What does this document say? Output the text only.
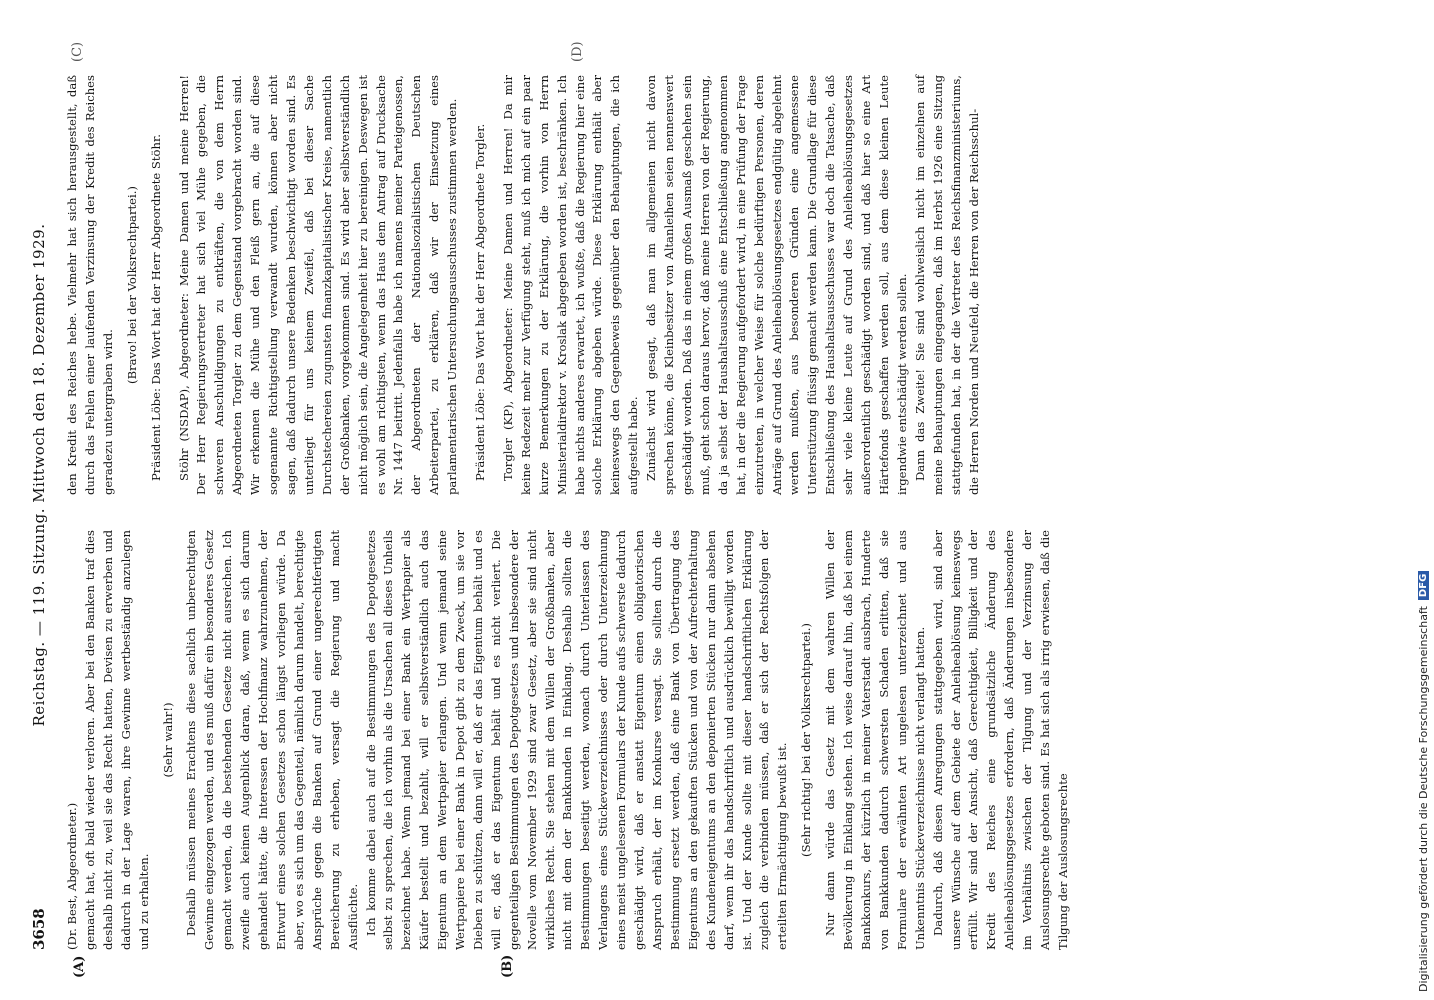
3658
Reichstag. — 119. Sitzung. Mittwoch den 18. Dezember 1929.
(A)	(B)
(C)	(D)

(Dr. Best, Abgeordneter.) gemacht hat, oft bald wieder verloren. Aber bei den Banken traf dies deshalb nicht zu, weil sie das Recht hatten, Devisen zu erwerben und dadurch in der Lage waren, ihre Gewinne wertbeständig anzulegen und zu erhalten.

(Sehr wahr!) Deshalb müssen meines Erachtens diese sachlich unberechtigten Gewinne eingezogen werden, und es muß dafür ein besonderes Gesetz gemacht werden, da die bestehenden Gesetze nicht ausreichen. Ich zweifle auch keinen Augenblick daran, daß, wenn es sich darum gehandelt hätte, die Interessen der Hochfinanz wahrzunehmen, der Entwurf eines solchen Gesetzes schon längst vorliegen würde. Da aber, wo es sich um das Gegenteil, nämlich darum handelt, berechtigte Ansprüche gegen die Banken auf Grund einer ungerechtfertigten Bereicherung zu erheben, versagt die Regierung und macht Ausflüchte. Ich komme dabei auch auf die Bestimmungen des Depotgesetzes selbst zu sprechen, die ich vorhin als die Ursachen all dieses Unheils bezeichnet habe. Wenn jemand bei einer Bank ein Wertpapier als Käufer bestellt und bezahlt, will er selbstverständlich auch das Eigentum an dem Wertpapier erlangen. Und wenn jemand seine Wertpapiere bei einer Bank in Depot gibt zu dem Zweck, um sie vor Dieben zu schützen, dann will er, daß er das Eigentum behält und es will er, daß er das Eigentum behält und es nicht verliert. Die gegenteiligen Bestimmungen des Depotgesetzes und insbesondere der Novelle vom November 1929 sind zwar Gesetz, aber sie sind nicht wirkliches Recht. Sie stehen mit dem Willen der Großbanken, aber nicht mit dem der Bankkunden in Einklang. Deshalb sollten die Bestimmungen beseitigt werden, wonach durch Unterlassen des Verlangens eines Stückeverzeichnisses oder durch Unterzeichnung eines meist ungelesenen Formulars der Kunde aufs schwerste dadurch geschädigt wird, daß er anstatt Eigentum einen obligatorischen Anspruch erhält, der im Konkurse versagt. Sie sollten durch die Bestimmung ersetzt werden, daß eine Bank von Übertragung des Eigentums an den gekauften Stücken und von der Aufrechterhaltung des Kundeneigentums an den deponierten Stücken nur dann absehen darf, wenn ihr das handschriftlich und ausdrücklich bewilligt worden ist. Und der Kunde sollte mit dieser handschriftlichen Erklärung zugleich die verbinden müssen, daß er sich der Rechtsfolgen der erteilten Ermächtigung bewußt ist. (Sehr richtig! bei der Volksrechtpartei.) Nur dann würde das Gesetz mit dem wahren Willen der Bevölkerung in Einklang stehen. Ich weise darauf hin, daß bei einem Bankkonkurs, der kürzlich in meiner Vaterstadt ausbrach, Hunderte von Bankkunden dadurch schwersten Schaden erlitten, daß sie Formulare der erwähnten Art ungelesen unterzeichnet und aus Unkenntnis Stückeverzeichnisse nicht verlangt hatten. Dadurch, daß diesen Anregungen stattgegeben wird, sind aber unsere Wünsche auf dem Gebiete der Anleiheablösung keineswegs erfüllt. Wir sind der Ansicht, daß Gerechtigkeit, Billigkeit und der Kredit des Reiches eine grundsätzliche Änderung des Anleiheablösungsgesetzes erfordern, daß Änderungen insbesondere im Verhältnis zwischen der Tilgung und der Verzinsung der Auslosungsrechte geboten sind. Es hat sich als irrig erwiesen, daß die Tilgung der Auslosungsrechte

den Kredit des Reiches hebe. Vielmehr hat sich herausgestellt, daß durch das Fehlen einer laufenden Verzinsung der Kredit des Reiches geradezu untergraben wird.

(Bravo! bei der Volksrechtpartei.) Präsident Löbe: Das Wort hat der Herr Abgeordnete Stöhr. Stöhr (NSDAP), Abgeordneter: Meine Damen und meine Herren! Der Herr Regierungsvertreter hat sich viel Mühe gegeben, die schweren Anschuldigungen zu entkräften, die von dem Herrn Abgeordneten Torgler zu dem Gegenstand vorgebracht worden sind. Wir erkennen die Mühe und den Fleiß gern an, die auf diese sogenannte Richtigstellung verwandt wurden, können aber nicht sagen, daß dadurch unsere Bedenken beschwichtigt worden sind. Es unterliegt für uns keinem Zweifel, daß bei dieser Sache Durchstechereien zugunsten finanzkapitalistischer Kreise, namentlich der Großbanken, vorgekommen sind. Es wird aber selbstverständlich nicht möglich sein, die Angelegenheit hier zu bereinigen. Deswegen ist es wohl am richtigsten, wenn das Haus dem Antrag auf Drucksache Nr. 1447 beitritt. Jedenfalls habe ich namens meiner Parteigenossen, der Abgeordneten der Nationalsozialistischen Deutschen Arbeiterpartei, zu erklären, daß wir der Einsetzung eines parlamentarischen Untersuchungsausschusses zustimmen werden. Präsident Löbe: Das Wort hat der Herr Abgeordnete Torgler. Torgler (KP), Abgeordneter: Meine Damen und Herren! Da mir keine Redezeit mehr zur Verfügung steht, muß ich mich auf ein paar kurze Bemerkungen zu der Erklärung, die vorhin von Herrn Ministerialdirektor v. Kroslak abgegeben worden ist, beschränken. Ich habe nichts anderes erwartet, ich wußte, daß die Regierung hier eine solche Erklärung abgeben würde. Diese Erklärung enthält aber keineswegs den Gegenbeweis gegenüber den Behauptungen, die ich aufgestellt habe. Zunächst wird gesagt, daß man im allgemeinen nicht davon sprechen könne, die Kleinbesitzer von Altanleihen seien nennenswert geschädigt worden. Daß das in einem großen Ausmaß geschehen sein muß, geht schon daraus hervor, daß meine Herren von der Regierung, da ja selbst der Haushaltsausschuß eine Entschließung angenommen hat, in der die Regierung aufgefordert wird, in eine Prüfung der Frage einzutreten, in welcher Weise für solche bedürftigen Personen, deren Anträge auf Grund des Anleiheablösungsgesetzes endgültig abgelehnt werden mußten, aus besonderen Gründen eine angemessene Unterstützung flüssig gemacht werden kann. Die Grundlage für diese Entschließung des Haushaltsausschusses war doch die Tatsache, daß sehr viele kleine Leute auf Grund des Anleiheablösungsgesetzes außerordentlich geschädigt worden sind, und daß hier so eine Art Härtefonds geschaffen werden soll, aus dem diese kleinen Leute irgendwie entschädigt werden sollen. Dann das Zweite! Sie sind wohlweislich nicht im einzelnen auf meine Behauptungen eingegangen, daß im Herbst 1926 eine Sitzung stattgefunden hat, in der die Vertreter des Reichsfinanzministeriums, die Herren Norden und Neufeld, die Herren von der Reichsschul-

Digitalisierung gefördert durch die Deutsche Forschungsgemeinschaft
DFG
